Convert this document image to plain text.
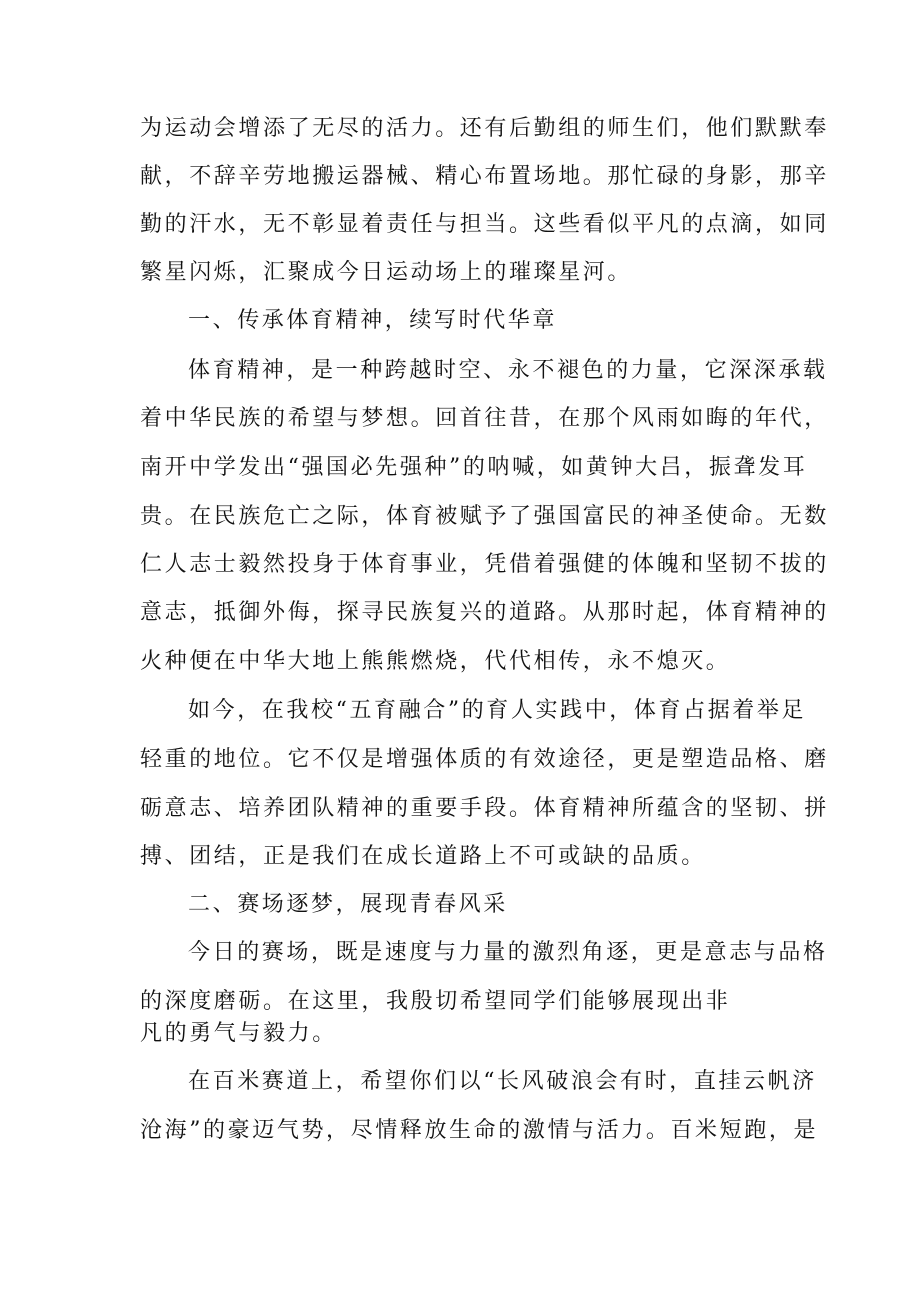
为运动会增添了无尽的活力。还有后勤组的师生们，他们默默奉
献，不辞辛劳地搬运器械、精心布置场地。那忙碌的身影，那辛
勤的汗水，无不彰显着责任与担当。这些看似平凡的点滴，如同
繁星闪烁，汇聚成今日运动场上的璀璨星河。
一、传承体育精神，续写时代华章
体育精神，是一种跨越时空、永不褪色的力量，它深深承载
着中华民族的希望与梦想。回首往昔，在那个风雨如晦的年代，
南开中学发出“强国必先强种”的呐喊，如黄钟大吕，振聋发耳
贵。在民族危亡之际，体育被赋予了强国富民的神圣使命。无数
仁人志士毅然投身于体育事业，凭借着强健的体魄和坚韧不拔的
意志，抵御外侮，探寻民族复兴的道路。从那时起，体育精神的
火种便在中华大地上熊熊燃烧，代代相传，永不熄灭。
如今，在我校“五育融合”的育人实践中，体育占据着举足
轻重的地位。它不仅是增强体质的有效途径，更是塑造品格、磨
砺意志、培养团队精神的重要手段。体育精神所蕴含的坚韧、拼
搏、团结，正是我们在成长道路上不可或缺的品质。
二、赛场逐梦，展现青春风采
今日的赛场，既是速度与力量的激烈角逐，更是意志与品格
的深度磨砺。在这里，我殷切希望同学们能够展现出非
凡的勇气与毅力。
在百米赛道上，希望你们以“长风破浪会有时，直挂云帆济
沧海”的豪迈气势，尽情释放生命的激情与活力。百米短跑，是
